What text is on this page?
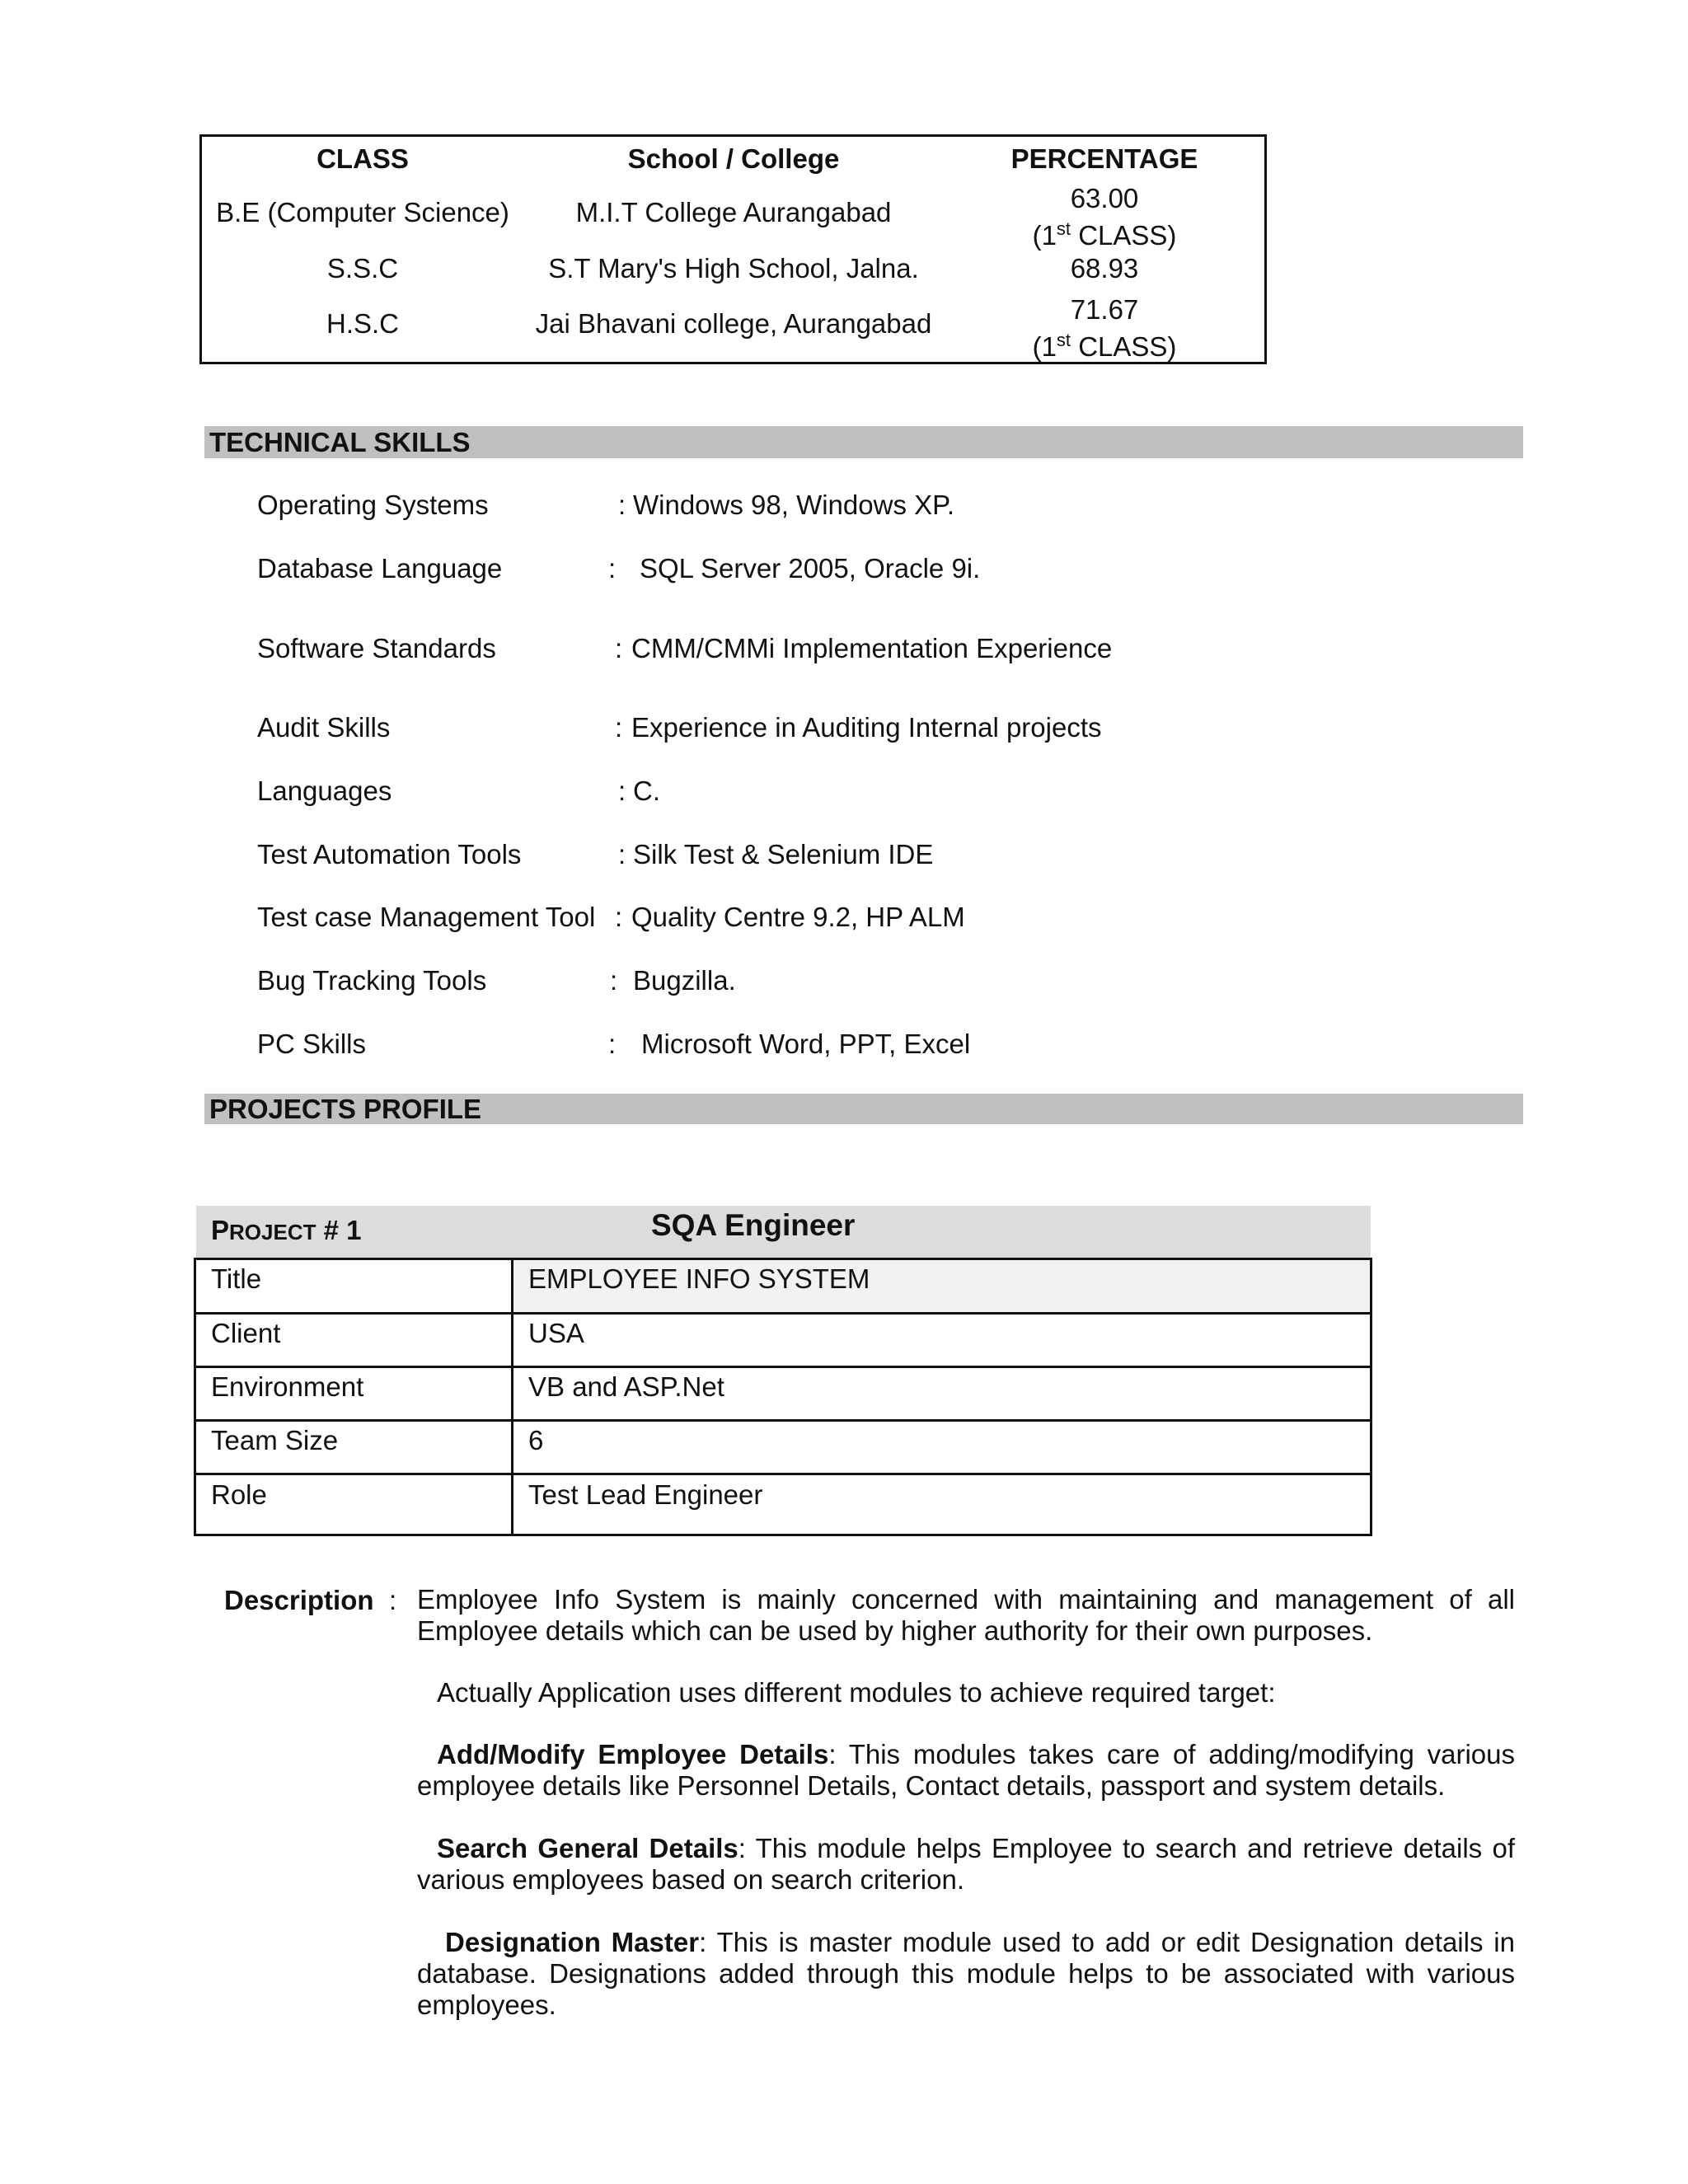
CLASS	School / College	PERCENTAGE
B.E (Computer Science)	M.I.T College Aurangabad	63.00
(1st CLASS)
S.S.C	S.T Mary's High School, Jalna.	68.93
H.S.C	Jai Bhavani college, Aurangabad	71.67
(1st CLASS)
TECHNICAL SKILLS
Operating Systems	: Windows 98, Windows XP.
Database Language	: SQL Server 2005, Oracle 9i.
Software Standards	: CMM/CMMi Implementation Experience
Audit Skills	: Experience in Auditing Internal projects
Languages	: C.
Test Automation Tools	: Silk Test & Selenium IDE
Test case Management Tool : Quality Centre 9.2, HP ALM
Bug Tracking Tools	: Bugzilla.
PC Skills	: Microsoft Word, PPT, Excel
PROJECTS PROFILE
PROJECT # 1	SQA Engineer
Title	EMPLOYEE INFO SYSTEM
Client	USA
Environment	VB and ASP.Net
Team Size	6
Role	Test Lead Engineer
Description : Employee Info System is mainly concerned with maintaining and management of all Employee details which can be used by higher authority for their own purposes.
Actually Application uses different modules to achieve required target:
Add/Modify Employee Details: This modules takes care of adding/modifying various employee details like Personnel Details, Contact details, passport and system details.
Search General Details: This module helps Employee to search and retrieve details of various employees based on search criterion.
Designation Master: This is master module used to add or edit Designation details in database. Designations added through this module helps to be associated with various employees.
